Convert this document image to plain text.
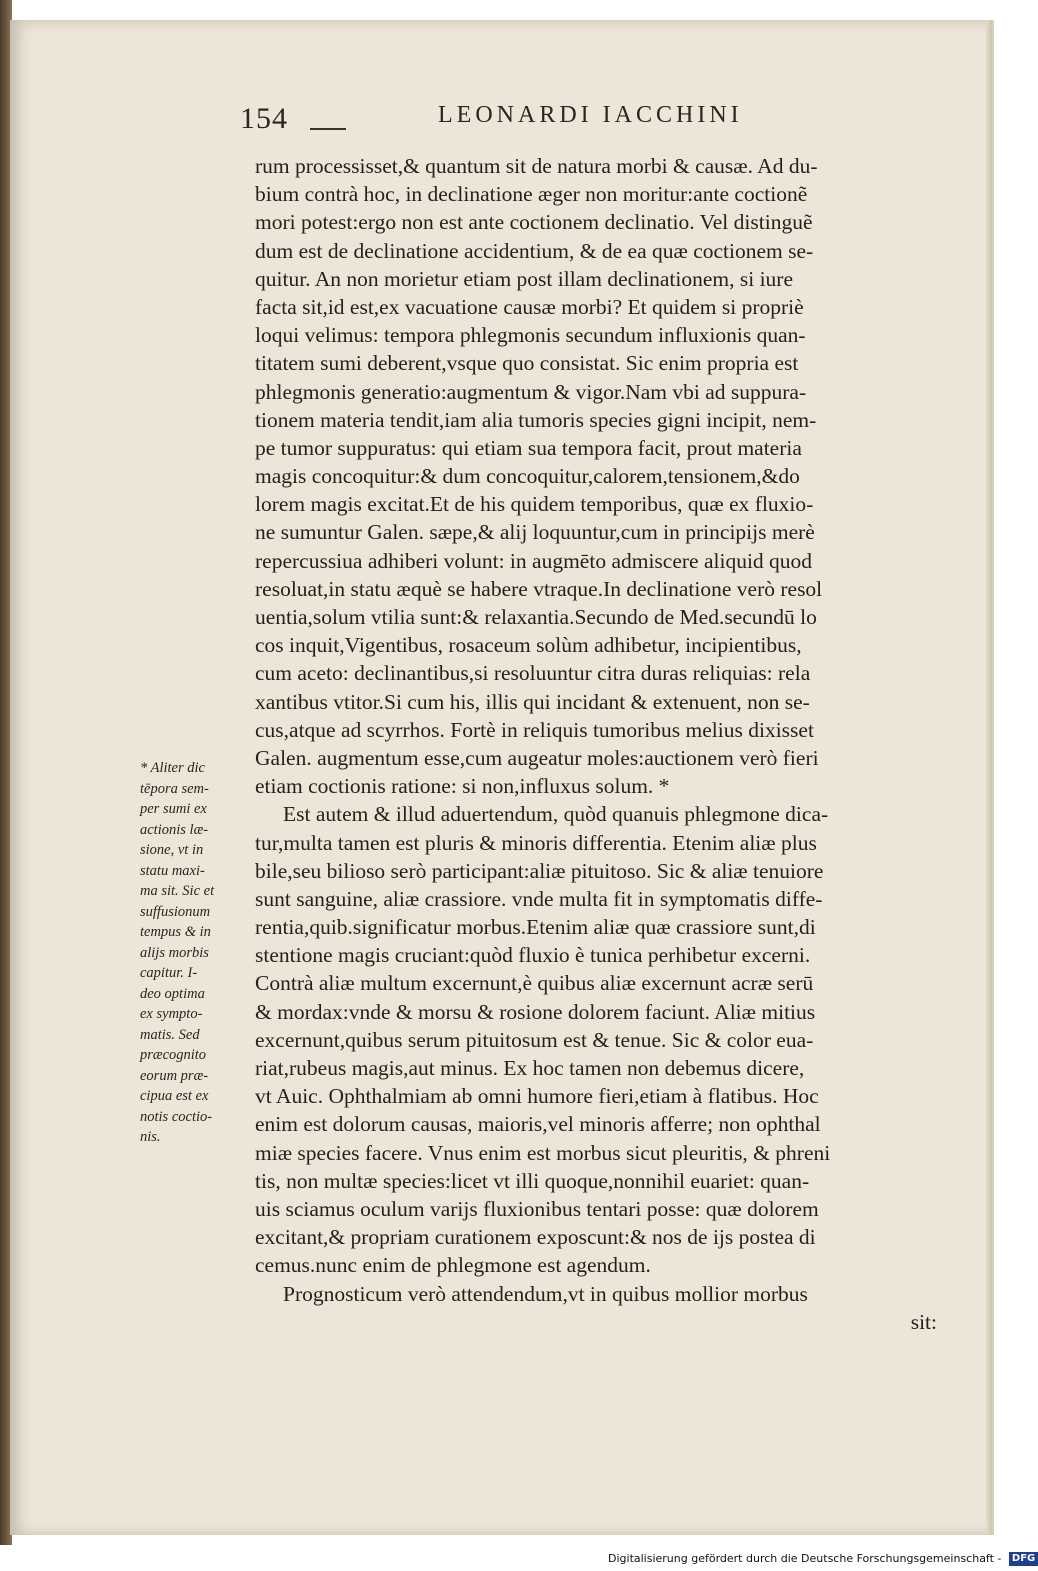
154	LEONARDI IACCHINI
rum processisset,& quantum sit de natura morbi & causæ. Ad du-
bium contrà hoc, in declinatione æger non moritur:ante coctionẽ
mori potest:ergo non est ante coctionem declinatio. Vel distinguẽ
dum est de declinatione accidentium, & de ea quæ coctionem se-
quitur. An non morietur etiam post illam declinationem, si iure
facta sit,id est,ex vacuatione causæ morbi? Et quidem si propriè
loqui velimus: tempora phlegmonis secundum influxionis quan-
titatem sumi deberent,vsque quo consistat. Sic enim propria est
phlegmonis generatio:augmentum & vigor.Nam vbi ad suppura-
tionem materia tendit,iam alia tumoris species gigni incipit, nem-
pe tumor suppuratus: qui etiam sua tempora facit, prout materia
magis concoquitur:& dum concoquitur,calorem,tensionem,&do
lorem magis excitat.Et de his quidem temporibus, quæ ex fluxio-
ne sumuntur Galen. sæpe,& alij loquuntur,cum in principijs merè
repercussiua adhiberi volunt: in augmēto admiscere aliquid quod
resoluat,in statu æquè se habere vtraque.In declinatione verò resol
uentia,solum vtilia sunt:& relaxantia.Secundo de Med.secundū lo
cos inquit,Vigentibus, rosaceum solùm adhibetur, incipientibus,
cum aceto: declinantibus,si resoluuntur citra duras reliquias: rela
xantibus vtitor.Si cum his, illis qui incidant & extenuent, non se-
cus,atque ad scyrrhos. Fortè in reliquis tumoribus melius dixisset
Galen. augmentum esse,cum augeatur moles:auctionem verò fieri
etiam coctionis ratione: si non,influxus solum. *
Est autem & illud aduertendum, quòd quanuis phlegmone dica-
tur,multa tamen est pluris & minoris differentia. Etenim aliæ plus
bile,seu bilioso serò participant:aliæ pituitoso. Sic & aliæ tenuiore
sunt sanguine, aliæ crassiore. vnde multa fit in symptomatis diffe-
rentia,quib.significatur morbus.Etenim aliæ quæ crassiore sunt,di
stentione magis cruciant:quòd fluxio è tunica perhibetur excerni.
Contrà aliæ multum excernunt,è quibus aliæ excernunt acræ serū
& mordax:vnde & morsu & rosione dolorem faciunt. Aliæ mitius
excernunt,quibus serum pituitosum est & tenue. Sic & color eua-
riat,rubeus magis,aut minus. Ex hoc tamen non debemus dicere,
vt Auic. Ophthalmiam ab omni humore fieri,etiam à flatibus. Hoc
enim est dolorum causas, maioris,vel minoris afferre; non ophthal
miæ species facere. Vnus enim est morbus sicut pleuritis, & phreni
tis, non multæ species:licet vt illi quoque,nonnihil euariet: quan-
uis sciamus oculum varijs fluxionibus tentari posse: quæ dolorem
excitant,& propriam curationem exposcunt:& nos de ijs postea di
cemus.nunc enim de phlegmone est agendum.
Prognosticum verò attendendum,vt in quibus mollior morbus
sit:
* Aliter dic
tēpora sem-
per sumi ex
actionis læ-
sione, vt in
statu maxi-
ma sit. Sic et
suffusionum
tempus & in
alijs morbis
capitur. I-
deo optima
ex sympto-
matis. Sed
præcognito
eorum præ-
cipua est ex
notis coctio-
nis.
Digitalisierung gefördert durch die Deutsche Forschungsgemeinschaft - DFG
